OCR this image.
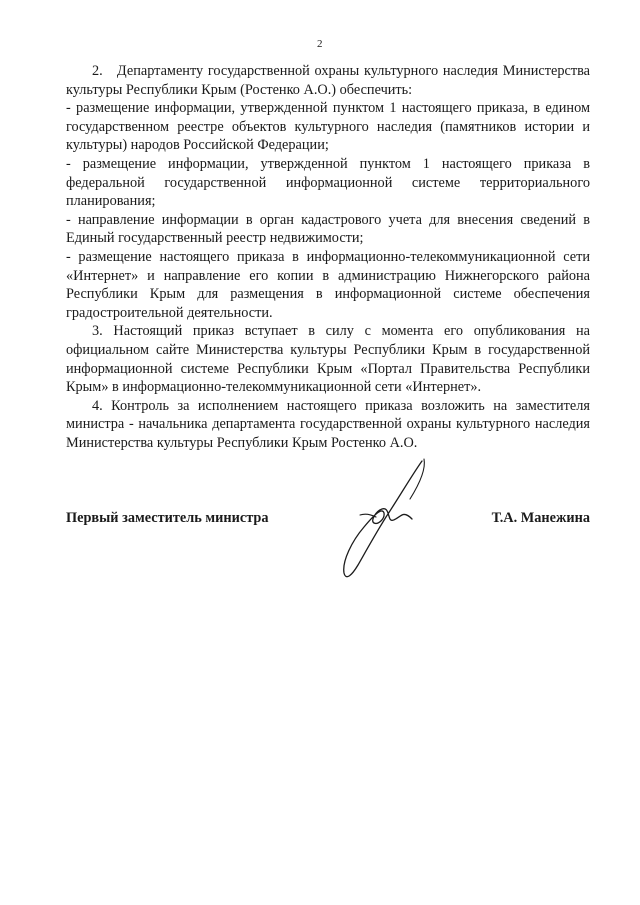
2

2.   Департаменту государственной охраны культурного наследия Министерства культуры Республики Крым (Ростенко А.О.) обеспечить:

- размещение информации, утвержденной пунктом 1 настоящего приказа, в едином государственном реестре объектов культурного наследия (памятников истории и культуры) народов Российской Федерации;

- размещение информации, утвержденной пунктом 1 настоящего приказа в федеральной государственной информационной системе территориального планирования;

- направление информации в орган кадастрового учета для внесения сведений в Единый государственный реестр недвижимости;

- размещение настоящего приказа в информационно-телекоммуникационной сети «Интернет» и направление его копии в администрацию Нижнегорского района Республики Крым для размещения в информационной системе обеспечения градостроительной деятельности.

3. Настоящий приказ вступает в силу с момента его опубликования на официальном сайте Министерства культуры Республики Крым в государственной информационной системе Республики Крым «Портал Правительства Республики Крым» в информационно-телекоммуникационной сети «Интернет».

4. Контроль за исполнением настоящего приказа возложить на заместителя министра - начальника департамента государственной охраны культурного наследия Министерства культуры Республики Крым Ростенко А.О.

Первый заместитель министра	Т.А. Манежина
